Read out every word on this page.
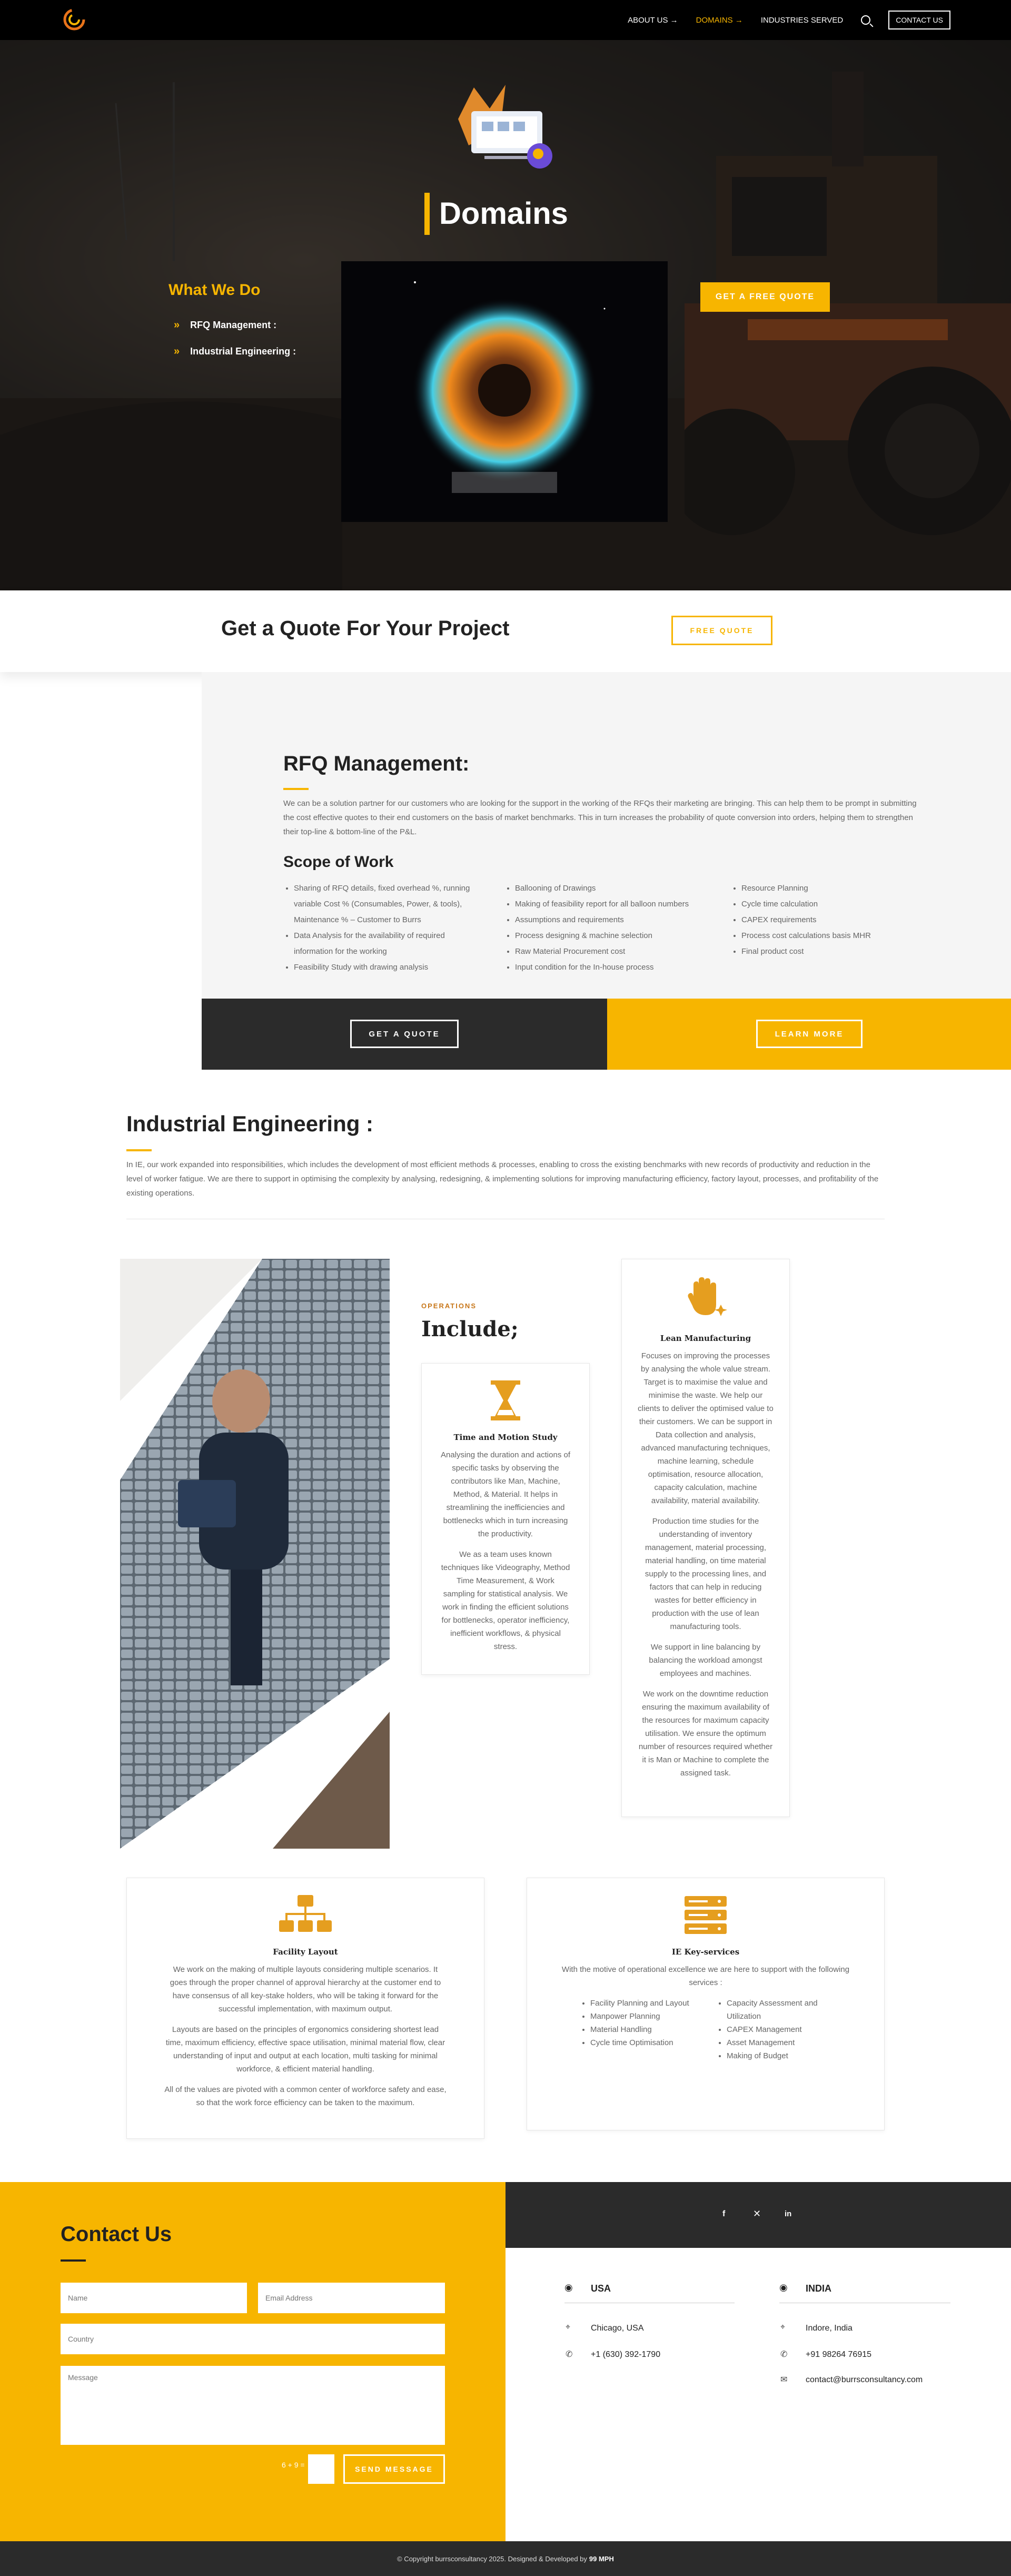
ABOUT US → DOMAINS → INDUSTRIES SERVED	CONTACT US
Domains
What We Do
» RFQ Management :
» Industrial Engineering :
GET A FREE QUOTE
Get a Quote For Your Project	FREE QUOTE
RFQ Management:
We can be a solution partner for our customers who are looking for the support in the working of the RFQs their marketing are bringing. This can help them to be prompt in submitting the cost effective quotes to their end customers on the basis of market benchmarks. This in turn increases the probability of quote conversion into orders, helping them to strengthen their top-line & bottom-line of the P&L.
Scope of Work
• Sharing of RFQ details, fixed overhead %, running variable Cost % (Consumables, Power, & tools), Maintenance % – Customer to Burrs
• Data Analysis for the availability of required information for the working
• Feasibility Study with drawing analysis
• Ballooning of Drawings
• Making of feasibility report for all balloon numbers
• Assumptions and requirements
• Process designing & machine selection
• Raw Material Procurement cost
• Input condition for the In-house process
• Resource Planning
• Cycle time calculation
• CAPEX requirements
• Process cost calculations basis MHR
• Final product cost
GET A QUOTE	LEARN MORE
Industrial Engineering :
In IE, our work expanded into responsibilities, which includes the development of most efficient methods & processes, enabling to cross the existing benchmarks with new records of productivity and reduction in the level of worker fatigue. We are there to support in optimising the complexity by analysing, redesigning, & implementing solutions for improving manufacturing efficiency, factory layout, processes, and profitability of the existing operations.
OPERATIONS
Include;
Time and Motion Study

Analysing the duration and actions of specific tasks by observing the contributors like Man, Machine, Method, & Material. It helps in streamlining the inefficiencies and bottlenecks which in turn increasing the productivity.

We as a team uses known techniques like Videography, Method Time Measurement, & Work sampling for statistical analysis. We work in finding the efficient solutions for bottlenecks, operator inefficiency, inefficient workflows, & physical stress.

Lean Manufacturing

Focuses on improving the processes by analysing the whole value stream. Target is to maximise the value and minimise the waste. We help our clients to deliver the optimised value to their customers. We can be support in Data collection and analysis, advanced manufacturing techniques, machine learning, schedule optimisation, resource allocation, capacity calculation, machine availability, material availability.

Production time studies for the understanding of inventory management, material processing, material handling, on time material supply to the processing lines, and factors that can help in reducing wastes for better efficiency in production with the use of lean manufacturing tools.

We support in line balancing by balancing the workload amongst employees and machines.

We work on the downtime reduction ensuring the maximum availability of the resources for maximum capacity utilisation. We ensure the optimum number of resources required whether it is Man or Machine to complete the assigned task.

Facility Layout

We work on the making of multiple layouts considering multiple scenarios. It goes through the proper channel of approval hierarchy at the customer end to have consensus of all key-stake holders, who will be taking it forward for the successful implementation, with maximum output.

Layouts are based on the principles of ergonomics considering shortest lead time, maximum efficiency, effective space utilisation, minimal material flow, clear understanding of input and output at each location, multi tasking for minimal workforce, & efficient material handling.

All of the values are pivoted with a common center of workforce safety and ease, so that the work force efficiency can be taken to the maximum.

IE Key-services

With the motive of operational excellence we are here to support with the following services :

• Facility Planning and Layout
• Manpower Planning
• Material Handling
• Cycle time Optimisation
• Capacity Assessment and Utilization
• CAPEX Management
• Asset Management
• Making of Budget
Contact Us
Name
Email Address
Country
Message
6 + 9 =	SEND MESSAGE
f	✕	in
◉ USA
⌖ Chicago, USA
✆ +1 (630) 392-1790
◉ INDIA
⌖ Indore, India
✆ +91 98264 76915
✉ contact@burrsconsultancy.com
© Copyright burrsconsultancy 2025. Designed & Developed by 99 MPH
